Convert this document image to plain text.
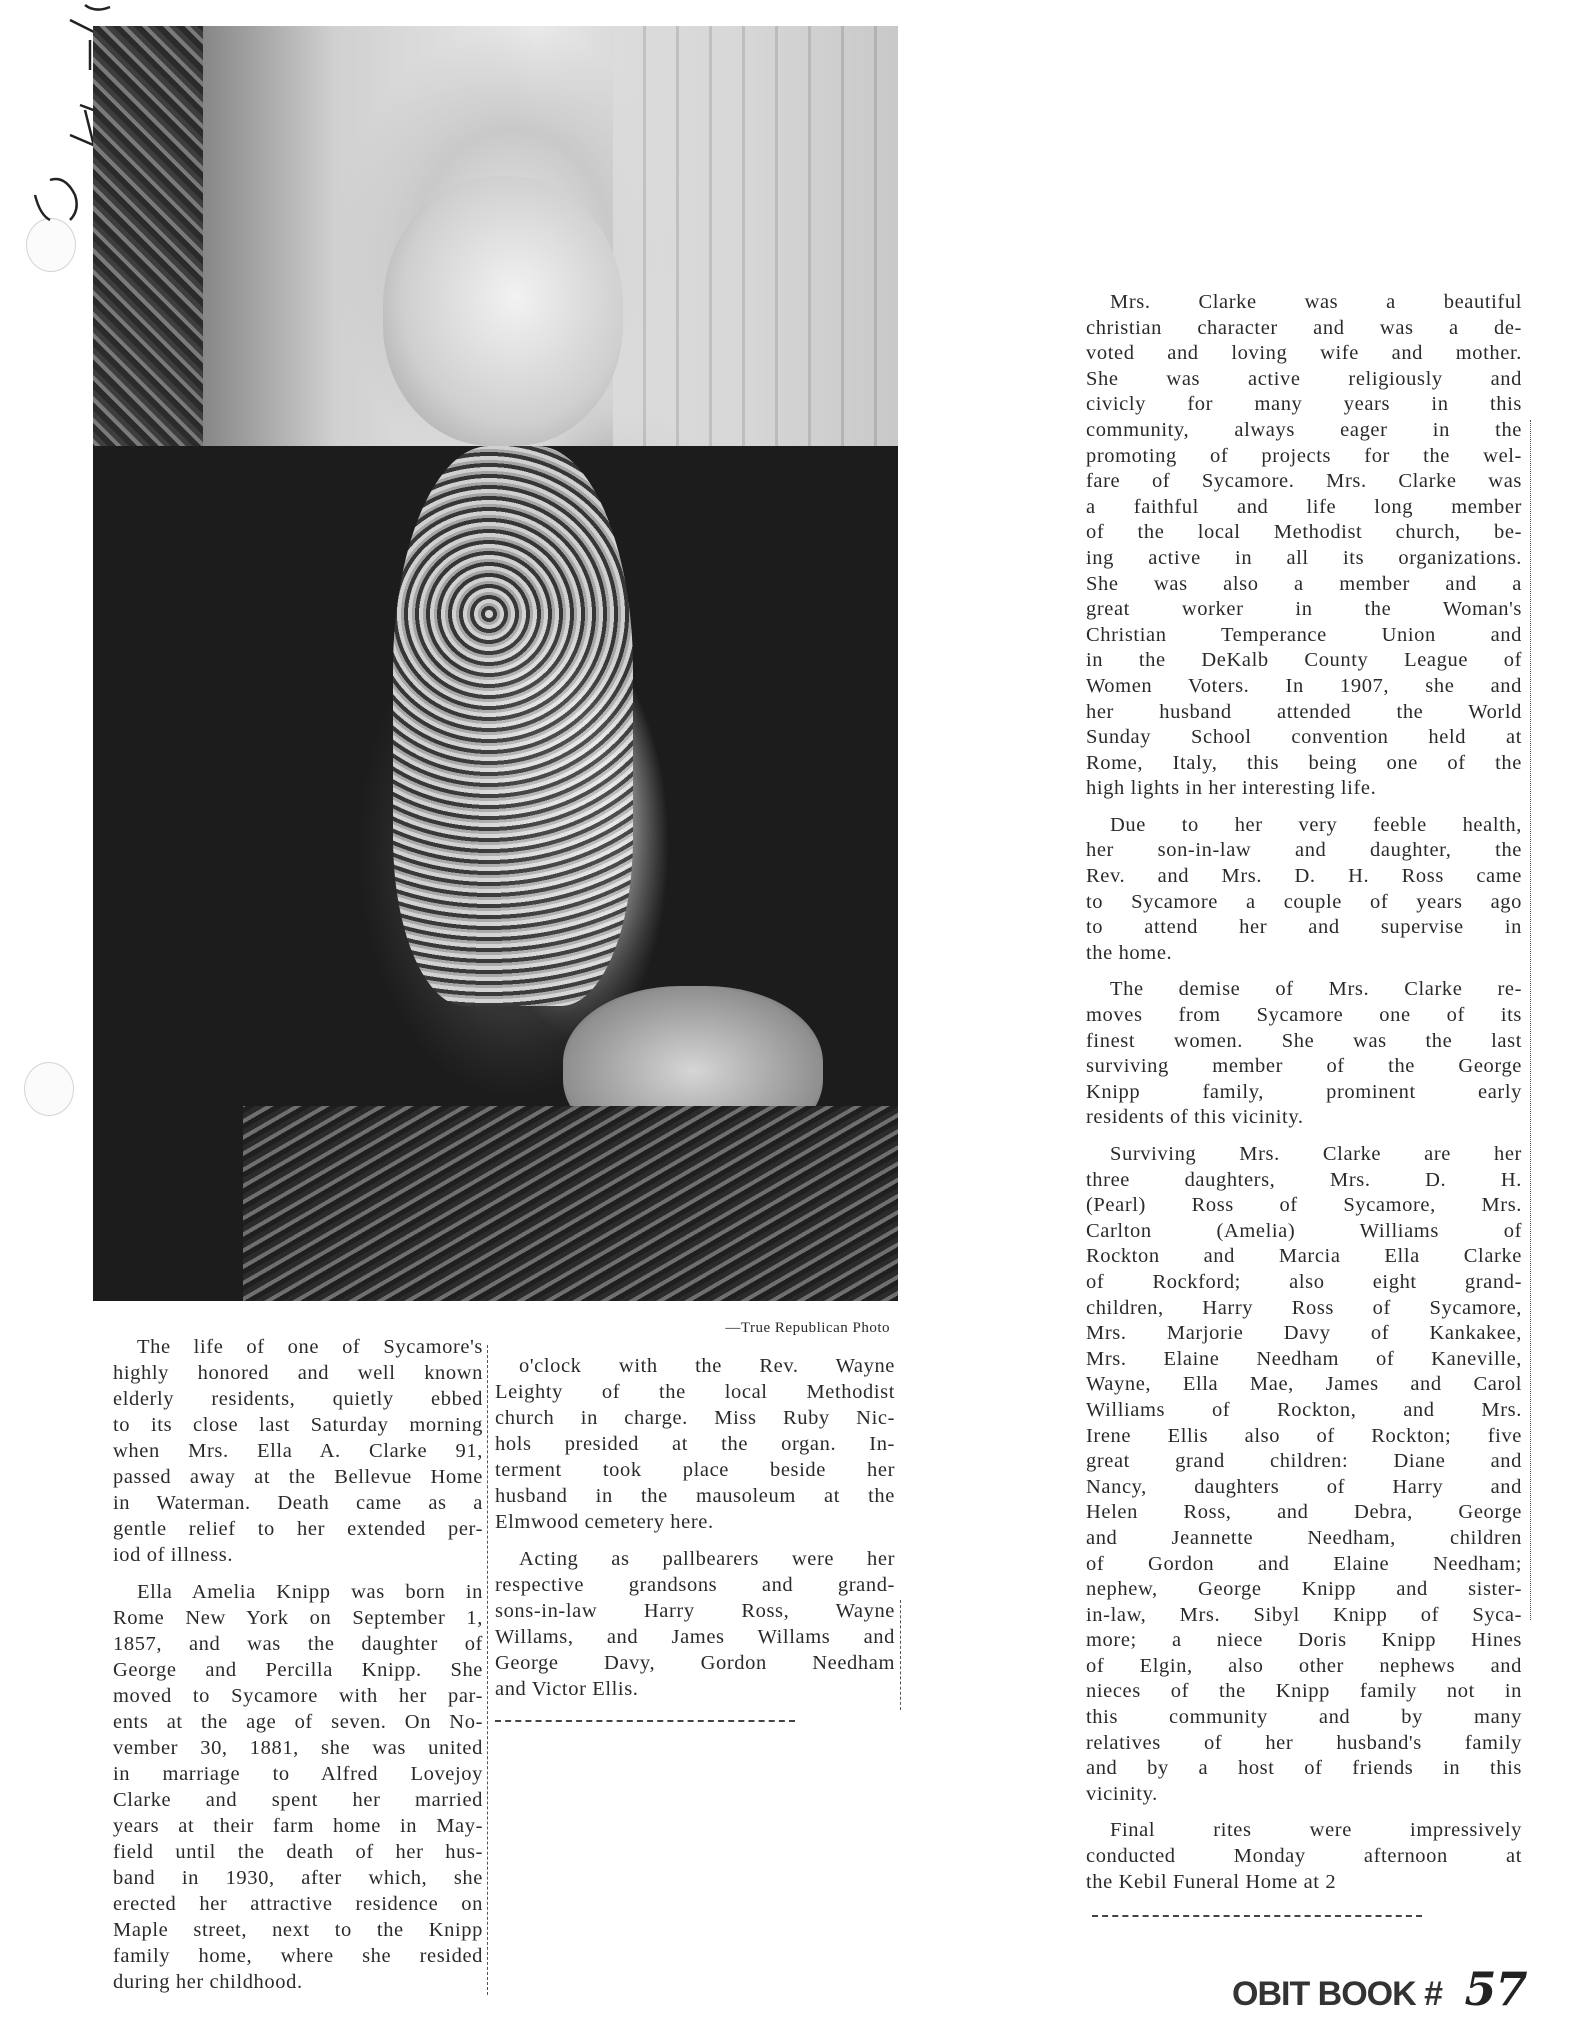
—True Republican Photo
The life of one of Sycamore's
highly honored and well known
elderly residents, quietly ebbed
to its close last Saturday morning
when Mrs. Ella A. Clarke 91,
passed away at the Bellevue Home
in Waterman. Death came as a
gentle relief to her extended per-
iod of illness.
Ella Amelia Knipp was born in
Rome New York on September 1,
1857, and was the daughter of
George and Percilla Knipp. She
moved to Sycamore with her par-
ents at the age of seven. On No-
vember 30, 1881, she was united
in marriage to Alfred Lovejoy
Clarke and spent her married
years at their farm home in May-
field until the death of her hus-
band in 1930, after which, she
erected her attractive residence on
Maple street, next to the Knipp
family home, where she resided
during her childhood.
o'clock with the Rev. Wayne
Leighty of the local Methodist
church in charge. Miss Ruby Nic-
hols presided at the organ. In-
terment took place beside her
husband in the mausoleum at the
Elmwood cemetery here.
Acting as pallbearers were her
respective grandsons and grand-
sons-in-law Harry Ross, Wayne
Willams, and James Willams and
George Davy, Gordon Needham
and Victor Ellis.
Mrs. Clarke was a beautiful
christian character and was a de-
voted and loving wife and mother.
She was active religiously and
civicly for many years in this
community, always eager in the
promoting of projects for the wel-
fare of Sycamore. Mrs. Clarke was
a faithful and life long member
of the local Methodist church, be-
ing active in all its organizations.
She was also a member and a
great worker in the Woman's
Christian Temperance Union and
in the DeKalb County League of
Women Voters. In 1907, she and
her husband attended the World
Sunday School convention held at
Rome, Italy, this being one of the
high lights in her interesting life.
Due to her very feeble health,
her son-in-law and daughter, the
Rev. and Mrs. D. H. Ross came
to Sycamore a couple of years ago
to attend her and supervise in
the home.
The demise of Mrs. Clarke re-
moves from Sycamore one of its
finest women. She was the last
surviving member of the George
Knipp family, prominent early
residents of this vicinity.
Surviving Mrs. Clarke are her
three daughters, Mrs. D. H.
(Pearl) Ross of Sycamore, Mrs.
Carlton (Amelia) Williams of
Rockton and Marcia Ella Clarke
of Rockford; also eight grand-
children, Harry Ross of Sycamore,
Mrs. Marjorie Davy of Kankakee,
Mrs. Elaine Needham of Kaneville,
Wayne, Ella Mae, James and Carol
Williams of Rockton, and Mrs.
Irene Ellis also of Rockton; five
great grand children: Diane and
Nancy, daughters of Harry and
Helen Ross, and Debra, George
and Jeannette Needham, children
of Gordon and Elaine Needham;
nephew, George Knipp and sister-
in-law, Mrs. Sibyl Knipp of Syca-
more; a niece Doris Knipp Hines
of Elgin, also other nephews and
nieces of the Knipp family not in
this community and by many
relatives of her husband's family
and by a host of friends in this
vicinity.
Final rites were impressively
conducted Monday afternoon at
the Kebil Funeral Home at 2
OBIT BOOK # 57
